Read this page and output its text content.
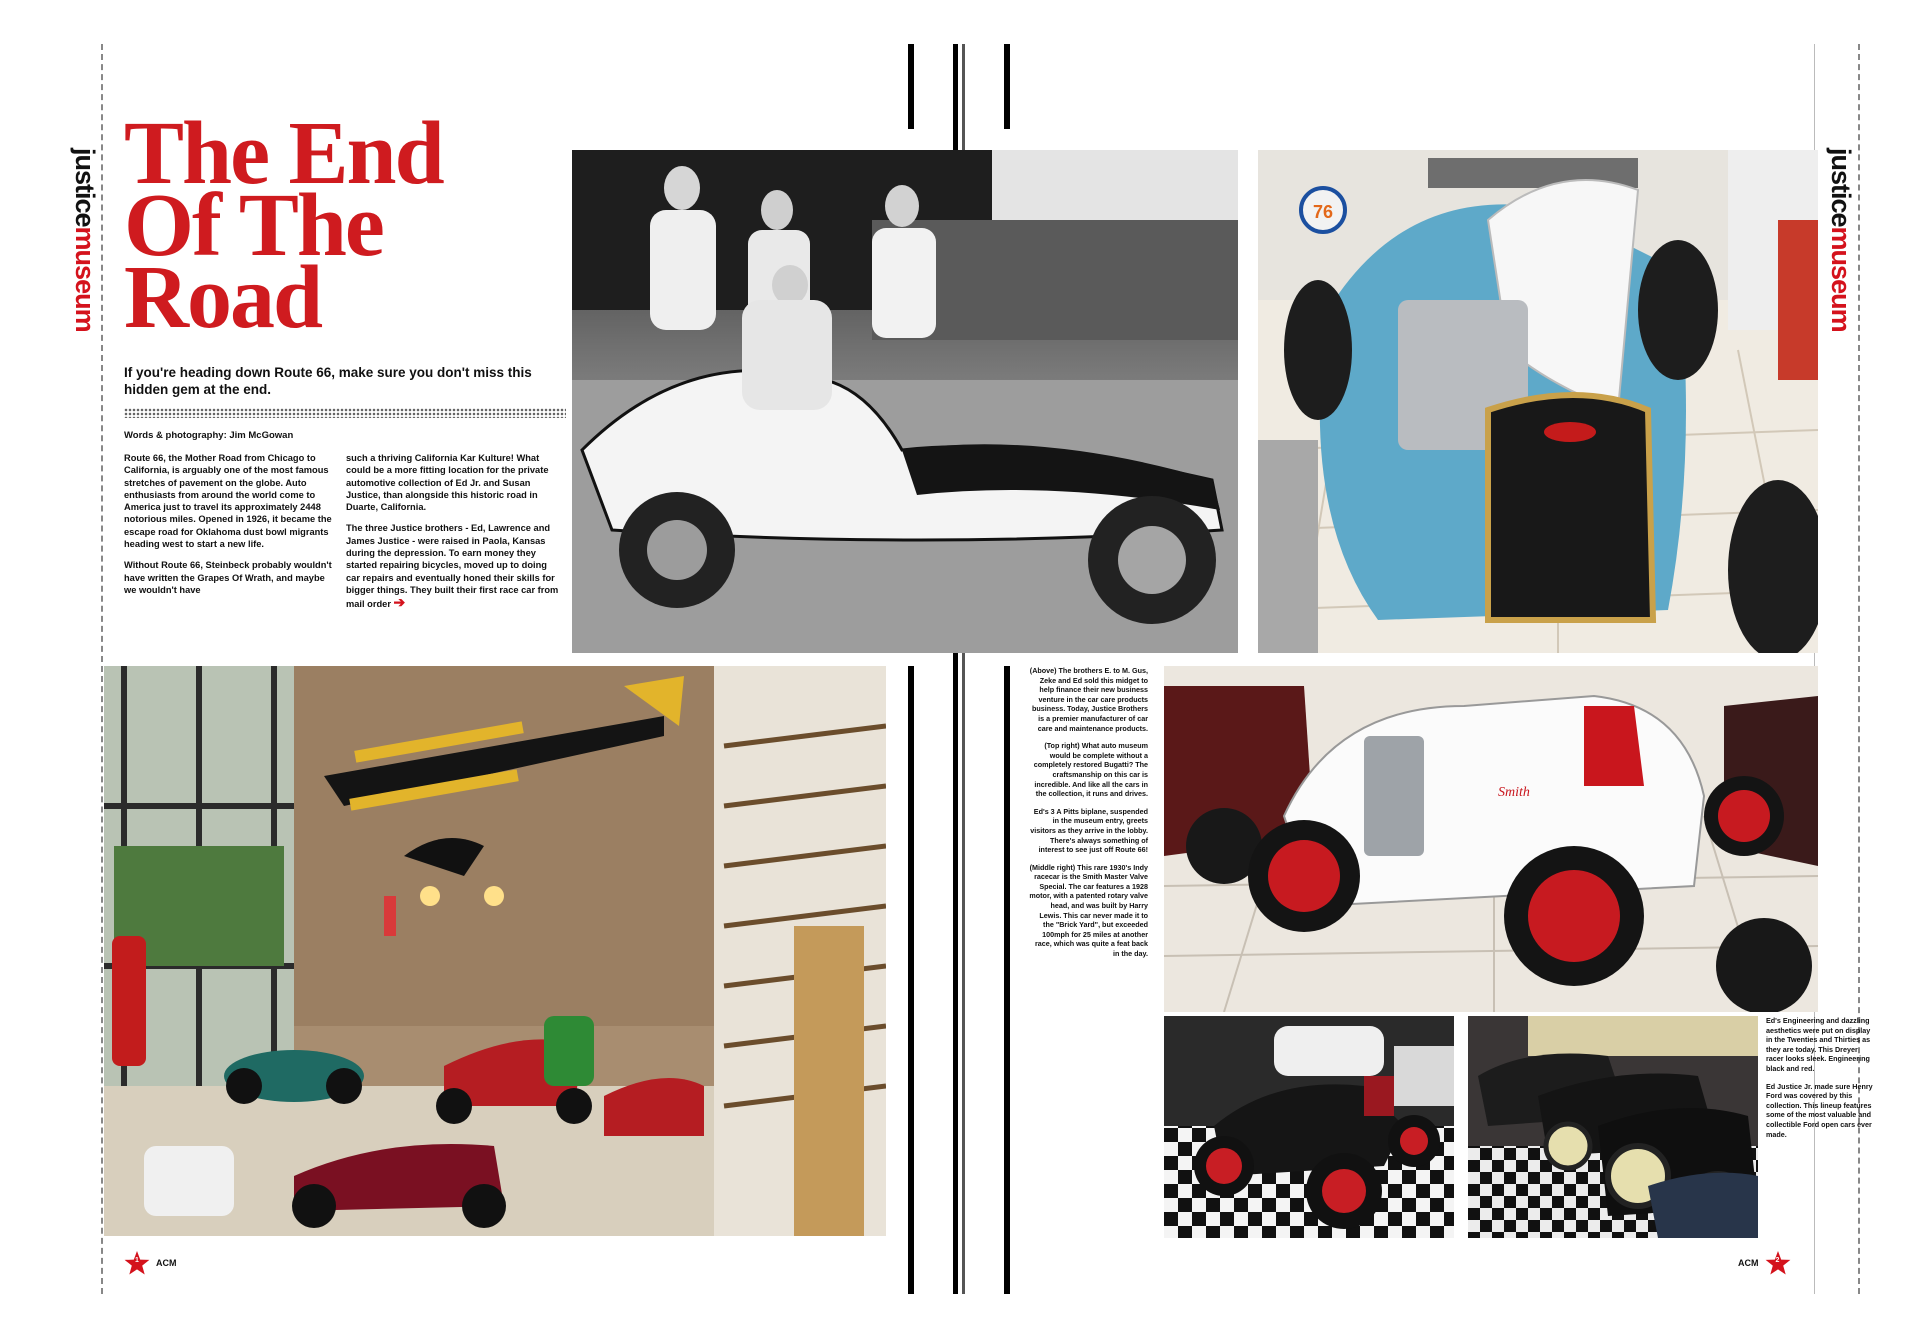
justicemuseum
justicemuseum
The End
Of The
Road

If you're heading down Route 66, make sure you don't miss this hidden gem at the end.

Words & photography: Jim McGowan

Route 66, the Mother Road from Chicago to California, is arguably one of the most famous stretches of pavement on the globe. Auto enthusiasts from around the world come to America just to travel its approximately 2448 notorious miles. Opened in 1926, it became the escape road for Oklahoma dust bowl migrants heading west to start a new life.

Without Route 66, Steinbeck probably wouldn't have written the Grapes Of Wrath, and maybe we wouldn't have

such a thriving California Kar Kulture! What could be a more fitting location for the private automotive collection of Ed Jr. and Susan Justice, than alongside this historic road in Duarte, California.

The three Justice brothers - Ed, Lawrence and James Justice - were raised in Paola, Kansas during the depression. To earn money they started repairing bicycles, moved up to doing car repairs and eventually honed their skills for bigger things. They built their first race car from mail order ➔

76

(Above) The brothers E. to M. Gus, Zeke and Ed sold this midget to help finance their new business venture in the car care products business. Today, Justice Brothers is a premier manufacturer of car care and maintenance products.

(Top right) What auto museum would be complete without a completely restored Bugatti? The craftsmanship on this car is incredible. And like all the cars in the collection, it runs and drives.

Ed's 3 A Pitts biplane, suspended in the museum entry, greets visitors as they arrive in the lobby. There's always something of interest to see just off Route 66!

(Middle right) This rare 1930's Indy racecar is the Smith Master Valve Special. The car features a 1928 motor, with a patented rotary valve head, and was built by Harry Lewis. This car never made it to the "Brick Yard", but exceeded 100mph for 25 miles at another race, which was quite a feat back in the day.

Smith

Ed's Engineering and dazzling aesthetics were put on display in the Twenties and Thirties as they are today. This Dreyer racer looks sleek. Engineering black and red.

Ed Justice Jr. made sure Henry Ford was covered by this collection. This lineup features some of the most valuable and collectible Ford open cars ever made.

1	ACM	ACM	2
